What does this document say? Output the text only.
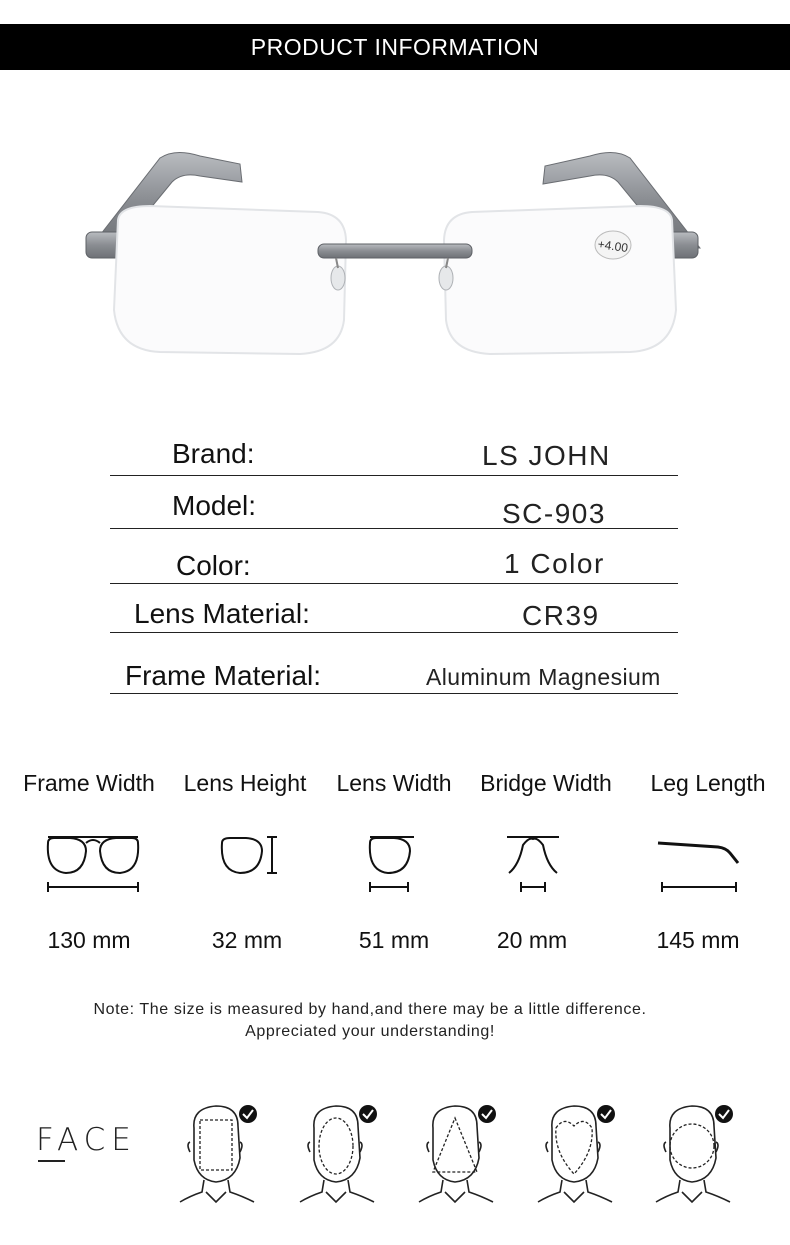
PRODUCT INFORMATION
+4.00
Brand:	LS JOHN
Model:	SC-903
Color:	1 Color
Lens Material:	CR39
Frame Material:	Aluminum Magnesium
Frame Width	Lens Height	Lens Width	Bridge Width	Leg Length
130 mm	32 mm	51 mm	20 mm	145 mm
Note: The size is measured by hand,and there may be a little difference.
Appreciated your understanding!
FACE
